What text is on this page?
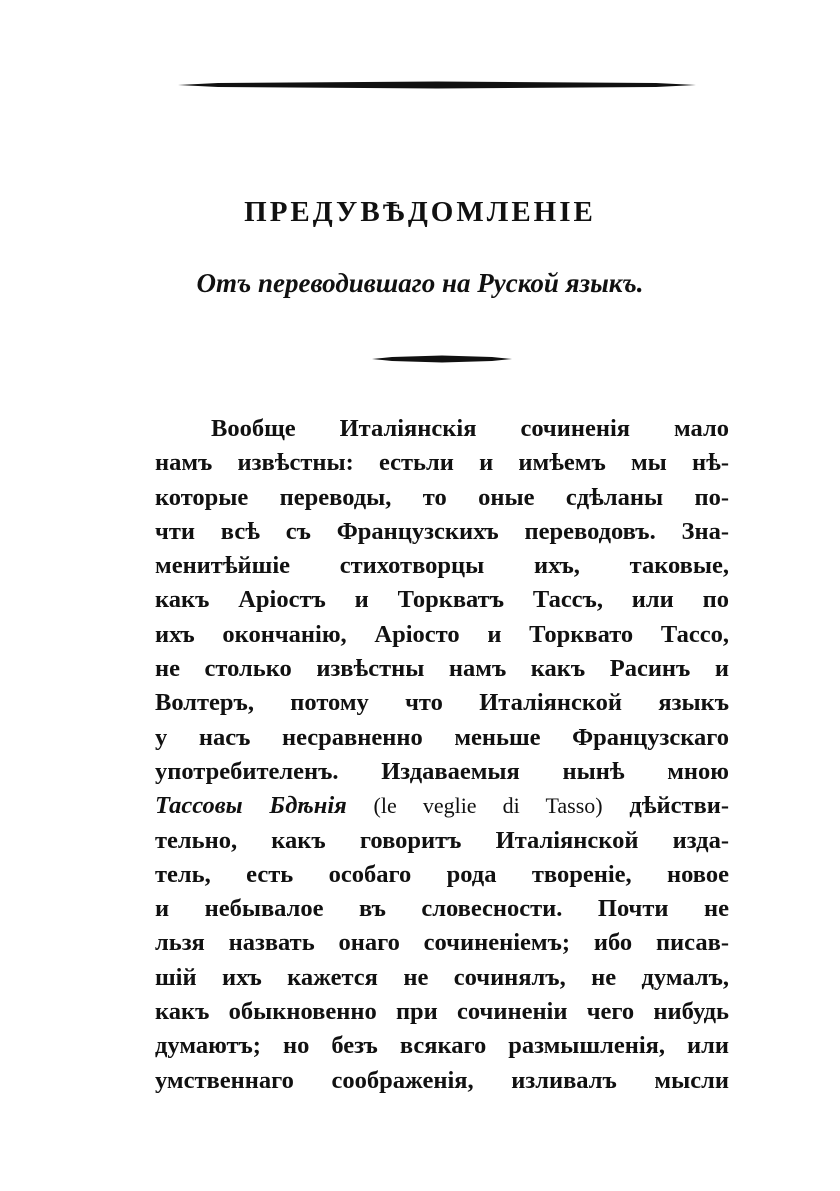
ПРЕДУВѢДОМЛЕНIЕ
Отъ переводившаго на Руской языкъ.
Вообще Италiянскiя сочиненiя мало
намъ извѣстны: естьли и имѣемъ мы нѣ-
которые переводы, то оные сдѣланы по-
чти всѣ съ Французскихъ переводовъ. Зна-
менитѣйшiе стихотворцы ихъ, таковые,
какъ Арiостъ и Торкватъ Тассъ, или по
ихъ окончанiю, Арiосто и Торквато Тассо,
не столько извѣстны намъ какъ Расинъ и
Волтеръ, потому что Италiянской языкъ
у насъ несравненно меньше Французскаго
употребителенъ. Издаваемыя нынѣ мною
Тассовы Бдѣнiя (le veglie di Tasso) дѣйстви-
тельно, какъ говоритъ Италiянской изда-
тель, есть особаго рода творенiе, новое
и небывалое въ словесности. Почти не
льзя назвать онаго сочиненiемъ; ибо писав-
шiй ихъ кажется не сочинялъ, не думалъ,
какъ обыкновенно при сочиненiи чего нибудь
думаютъ; но безъ всякаго размышленiя, или
умственнаго соображенiя, изливалъ мысли
